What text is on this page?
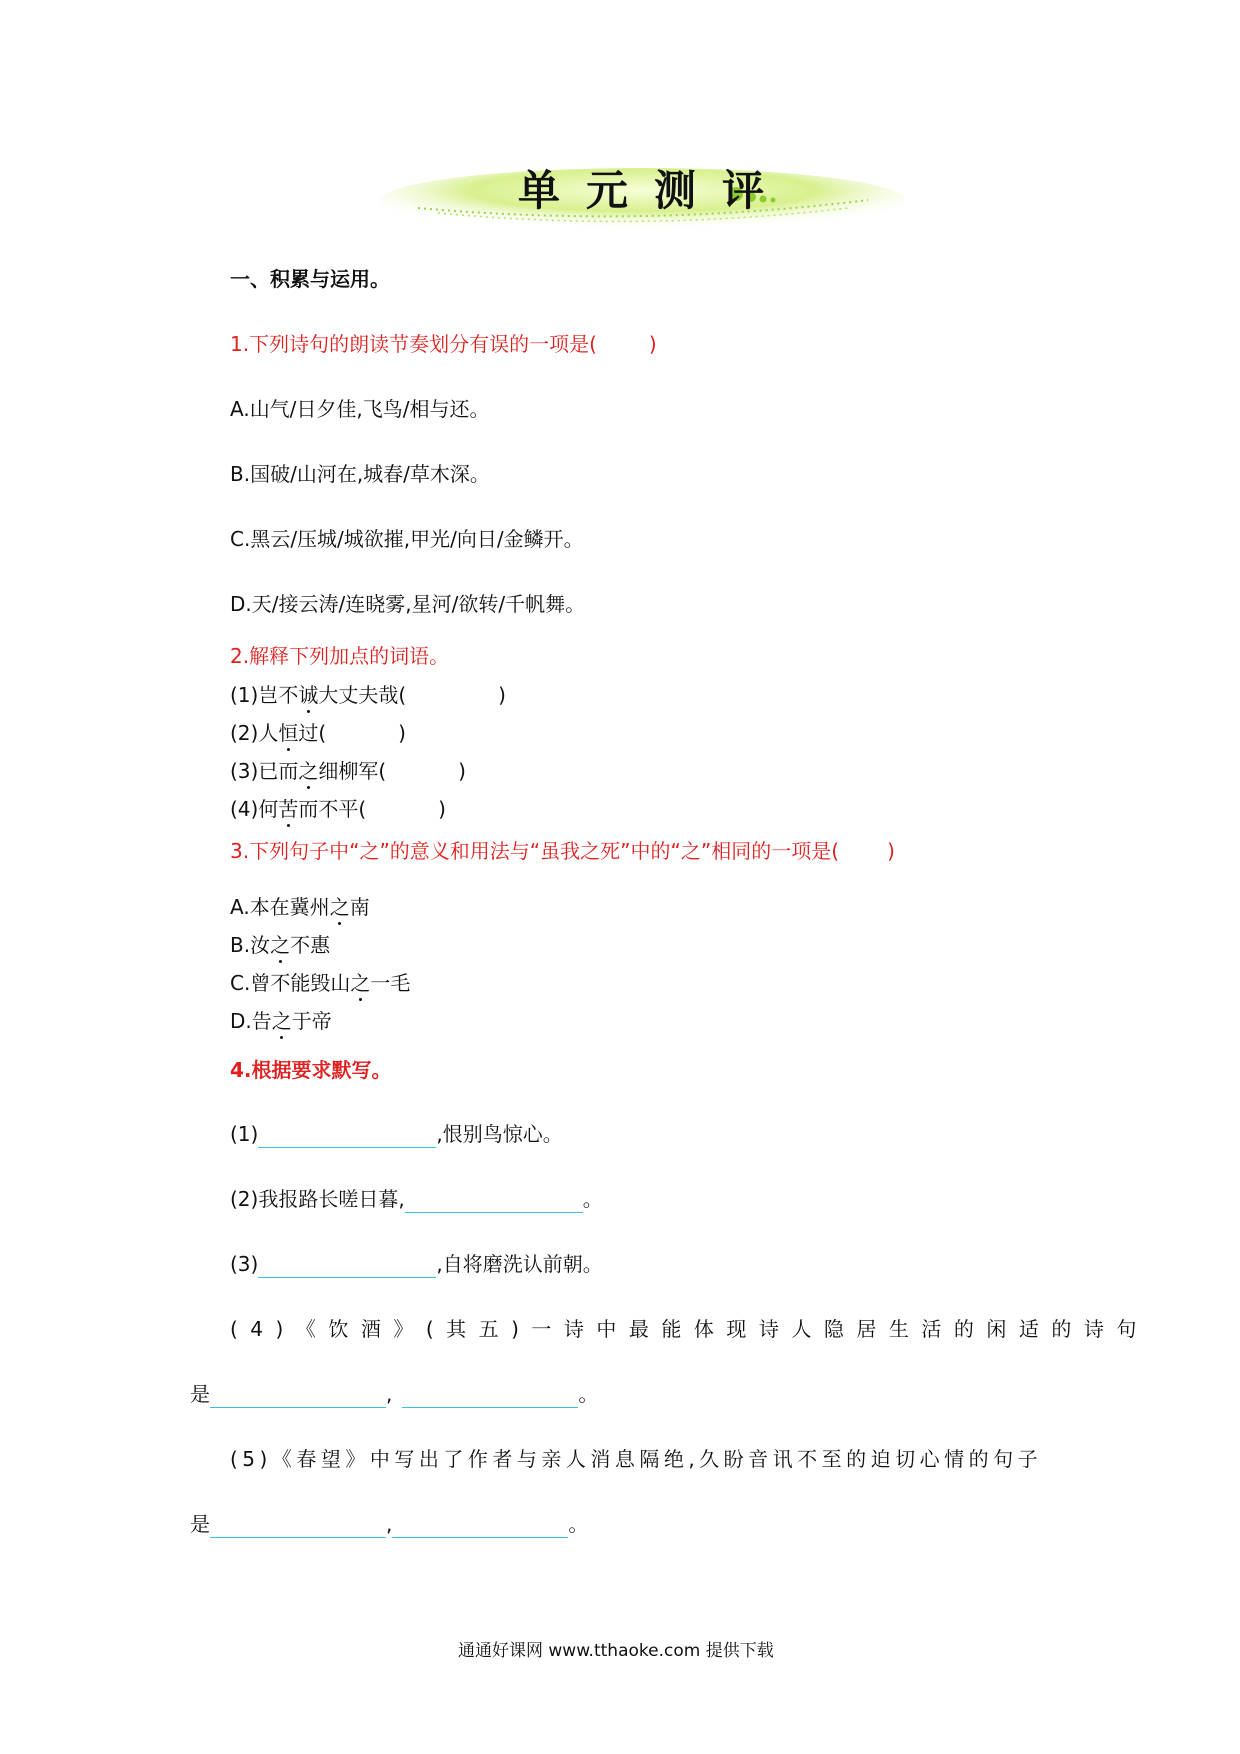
单元测评
一、积累与运用。
1.下列诗句的朗读节奏划分有误的一项是(	)
A.山气/日夕佳,飞鸟/相与还。
B.国破/山河在,城春/草木深。
C.黑云/压城/城欲摧,甲光/向日/金鳞开。
D.天/接云涛/连晓雾,星河/欲转/千帆舞。
2.解释下列加点的词语。
(1)岂不诚大丈夫哉(	)
(2)人恒过(	)
(3)已而之细柳军(	)
(4)何苦而不平(	)
3.下列句子中“之”的意义和用法与“虽我之死”中的“之”相同的一项是( )
A.本在冀州之南
B.汝之不惠
C.曾不能毁山之一毛
D.告之于帝
4.根据要求默写。
(1)	,恨别鸟惊心。
(2)我报路长嗟日暮,	。
(3)	,自将磨洗认前朝。
(4)《饮酒》(其五)一诗中最能体现诗人隐居生活的闲适的诗句
是	,	。
(5)《春望》中写出了作者与亲人消息隔绝,久盼音讯不至的迫切心情的句子
是	,	。
通通好课网 www.tthaoke.com 提供下载
